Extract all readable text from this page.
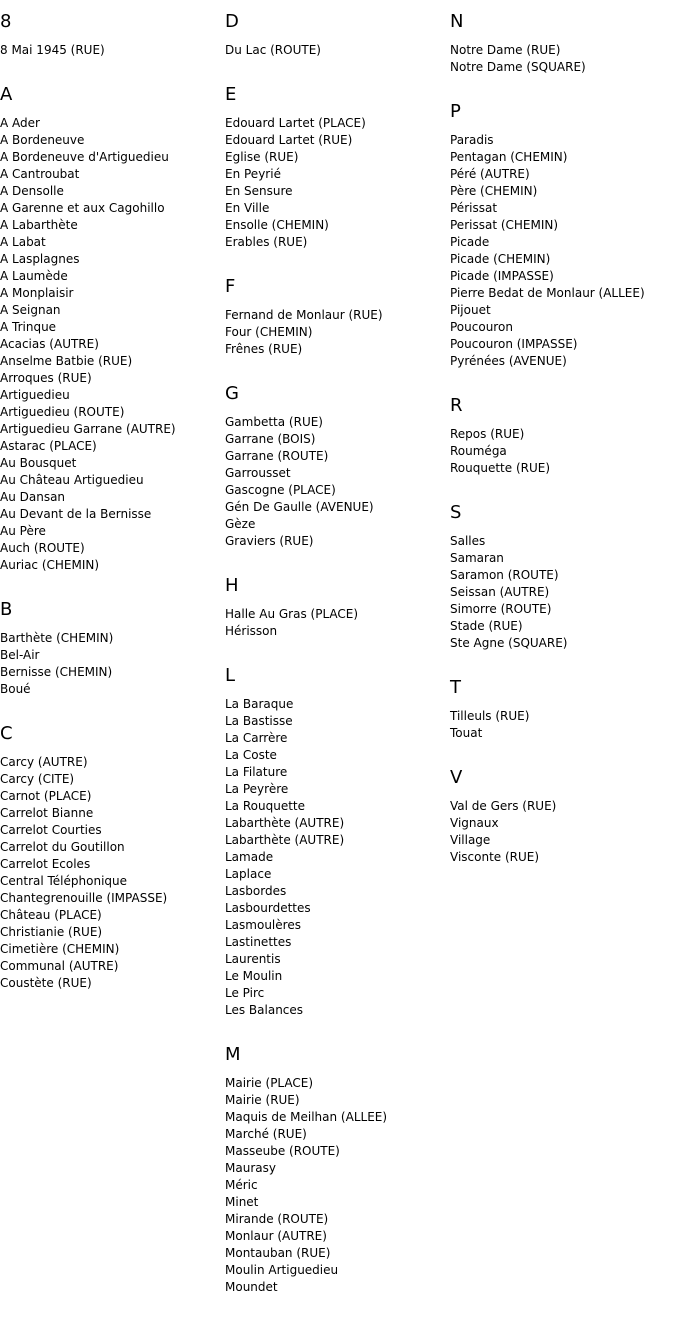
8
8 Mai 1945 (RUE)
A
A Ader
A Bordeneuve
A Bordeneuve d'Artiguedieu
A Cantroubat
A Densolle
A Garenne et aux Cagohillo
A Labarthète
A Labat
A Lasplagnes
A Laumède
A Monplaisir
A Seignan
A Trinque
Acacias (AUTRE)
Anselme Batbie (RUE)
Arroques (RUE)
Artiguedieu
Artiguedieu (ROUTE)
Artiguedieu Garrane (AUTRE)
Astarac (PLACE)
Au Bousquet
Au Château Artiguedieu
Au Dansan
Au Devant de la Bernisse
Au Père
Auch (ROUTE)
Auriac (CHEMIN)
B
Barthète (CHEMIN)
Bel-Air
Bernisse (CHEMIN)
Boué
C
Carcy (AUTRE)
Carcy (CITE)
Carnot (PLACE)
Carrelot Bianne
Carrelot Courties
Carrelot du Goutillon
Carrelot Ecoles
Central Téléphonique
Chantegrenouille (IMPASSE)
Château (PLACE)
Christianie (RUE)
Cimetière (CHEMIN)
Communal (AUTRE)
Coustète (RUE)
D
Du Lac (ROUTE)
E
Edouard Lartet (PLACE)
Edouard Lartet (RUE)
Eglise (RUE)
En Peyrié
En Sensure
En Ville
Ensolle (CHEMIN)
Erables (RUE)
F
Fernand de Monlaur (RUE)
Four (CHEMIN)
Frênes (RUE)
G
Gambetta (RUE)
Garrane (BOIS)
Garrane (ROUTE)
Garrousset
Gascogne (PLACE)
Gén De Gaulle (AVENUE)
Gèze
Graviers (RUE)
H
Halle Au Gras (PLACE)
Hérisson
L
La Baraque
La Bastisse
La Carrère
La Coste
La Filature
La Peyrère
La Rouquette
Labarthète (AUTRE)
Labarthète (AUTRE)
Lamade
Laplace
Lasbordes
Lasbourdettes
Lasmoulères
Lastinettes
Laurentis
Le Moulin
Le Pirc
Les Balances
M
Mairie (PLACE)
Mairie (RUE)
Maquis de Meilhan (ALLEE)
Marché (RUE)
Masseube (ROUTE)
Maurasy
Méric
Minet
Mirande (ROUTE)
Monlaur (AUTRE)
Montauban (RUE)
Moulin Artiguedieu
Moundet
N
Notre Dame (RUE)
Notre Dame (SQUARE)
P
Paradis
Pentagan (CHEMIN)
Péré (AUTRE)
Père (CHEMIN)
Périssat
Perissat (CHEMIN)
Picade
Picade (CHEMIN)
Picade (IMPASSE)
Pierre Bedat de Monlaur (ALLEE)
Pijouet
Poucouron
Poucouron (IMPASSE)
Pyrénées (AVENUE)
R
Repos (RUE)
Rouméga
Rouquette (RUE)
S
Salles
Samaran
Saramon (ROUTE)
Seissan (AUTRE)
Simorre (ROUTE)
Stade (RUE)
Ste Agne (SQUARE)
T
Tilleuls (RUE)
Touat
V
Val de Gers (RUE)
Vignaux
Village
Visconte (RUE)
